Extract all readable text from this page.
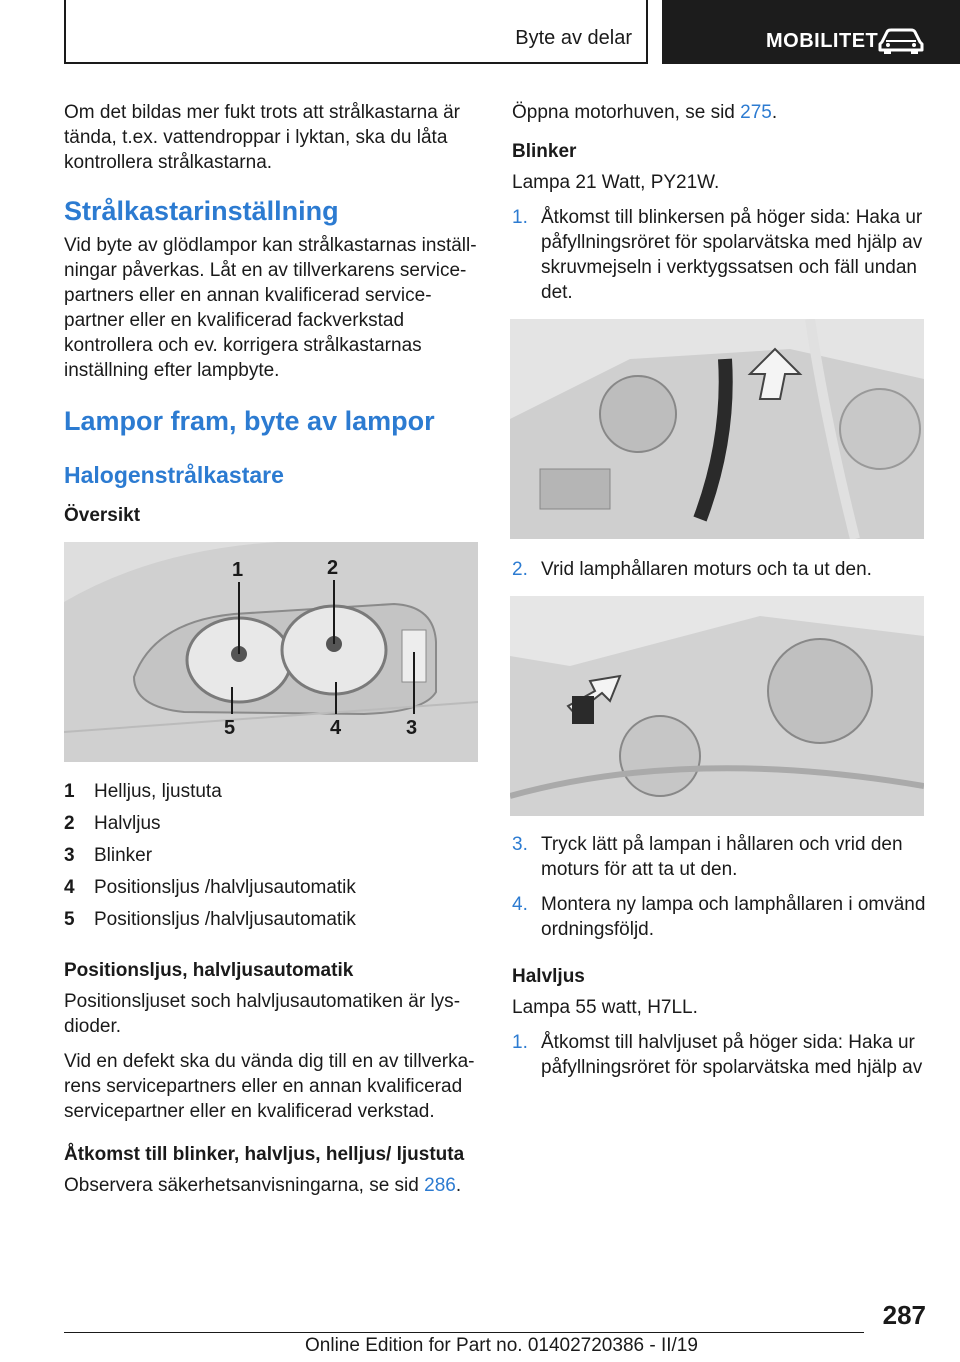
Byte av delar	MOBILITET

Om det bildas mer fukt trots att strålkastarna är tända, t.ex. vattendroppar i lyktan, ska du låta kontrollera strålkastarna.

Strålkastarinställning

Vid byte av glödlampor kan strålkastarnas inställningar påverkas. Låt en av tillverkarens servicepartners eller en annan kvalificerad servicepartner eller en kvalificerad fackverkstad kontrollera och ev. korrigera strålkastarnas inställning efter lampbyte.

Lampor fram, byte av lampor
Halogenstrålkastare
Översikt
1	2
3
4
5
1	Helljus, ljustuta
2	Halvljus
3	Blinker
4	Positionsljus /halvljusautomatik
5	Positionsljus /halvljusautomatik
Positionsljus, halvljusautomatik

Positionsljuset soch halvljusautomatiken är lysdioder.

Vid en defekt ska du vända dig till en av tillverkarens servicepartners eller en annan kvalificerad servicepartner eller en kvalificerad verkstad.

Åtkomst till blinker, halvljus, helljus/ ljustuta

Observera säkerhetsanvisningarna, se sid 286.

Öppna motorhuven, se sid 275.

Blinker

Lampa 21 Watt, PY21W.

1. Åtkomst till blinkersen på höger sida: Haka ur påfyllningsröret för spolarvätska med hjälp av skruvmejseln i verktygssatsen och fäll undan det.
2. Vrid lamphållaren moturs och ta ut den.
3. Tryck lätt på lampan i hållaren och vrid den moturs för att ta ut den.
4. Montera ny lampa och lamphållaren i omvänd ordningsföljd.
Halvljus

Lampa 55 watt, H7LL.

1. Åtkomst till halvljuset på höger sida: Haka ur påfyllningsröret för spolarvätska med hjälp av
287
Online Edition for Part no. 01402720386 - II/19
